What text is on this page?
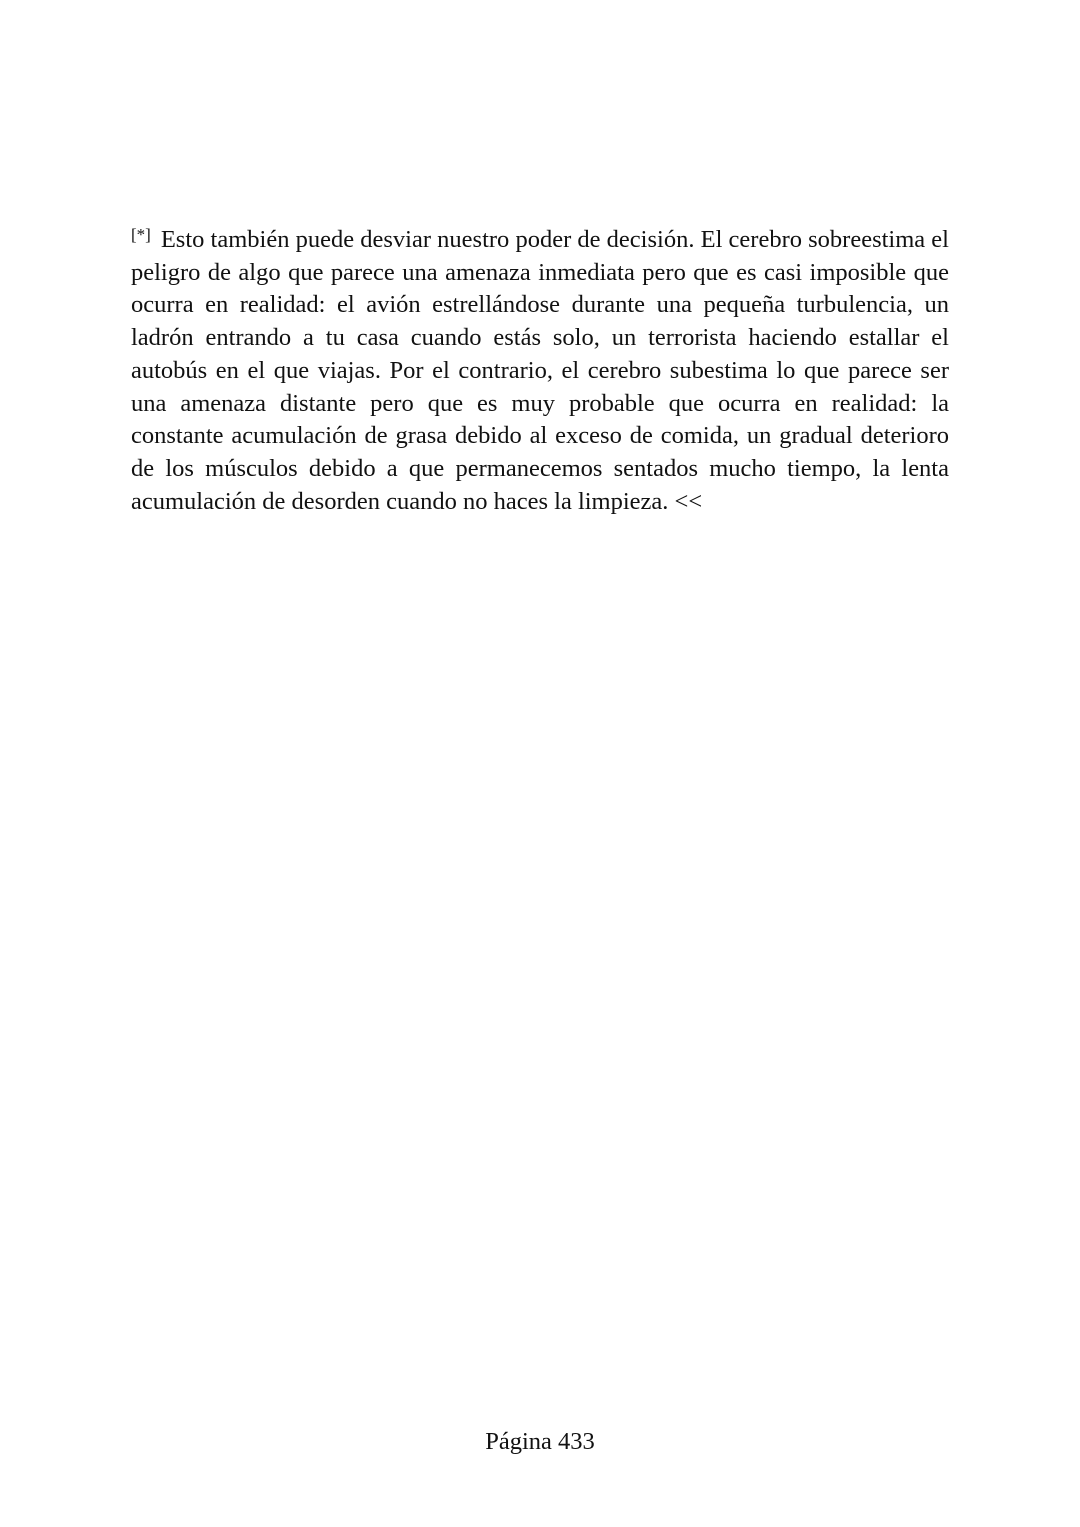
[*] Esto también puede desviar nuestro poder de decisión. El cerebro sobreestima el peligro de algo que parece una amenaza inmediata pero que es casi imposible que ocurra en realidad: el avión estrellándose durante una pequeña turbulencia, un ladrón entrando a tu casa cuando estás solo, un terrorista haciendo estallar el autobús en el que viajas. Por el contrario, el cerebro subestima lo que parece ser una amenaza distante pero que es muy probable que ocurra en realidad: la constante acumulación de grasa debido al exceso de comida, un gradual deterioro de los músculos debido a que permanecemos sentados mucho tiempo, la lenta acumulación de desorden cuando no haces la limpieza. <<

Página 433
